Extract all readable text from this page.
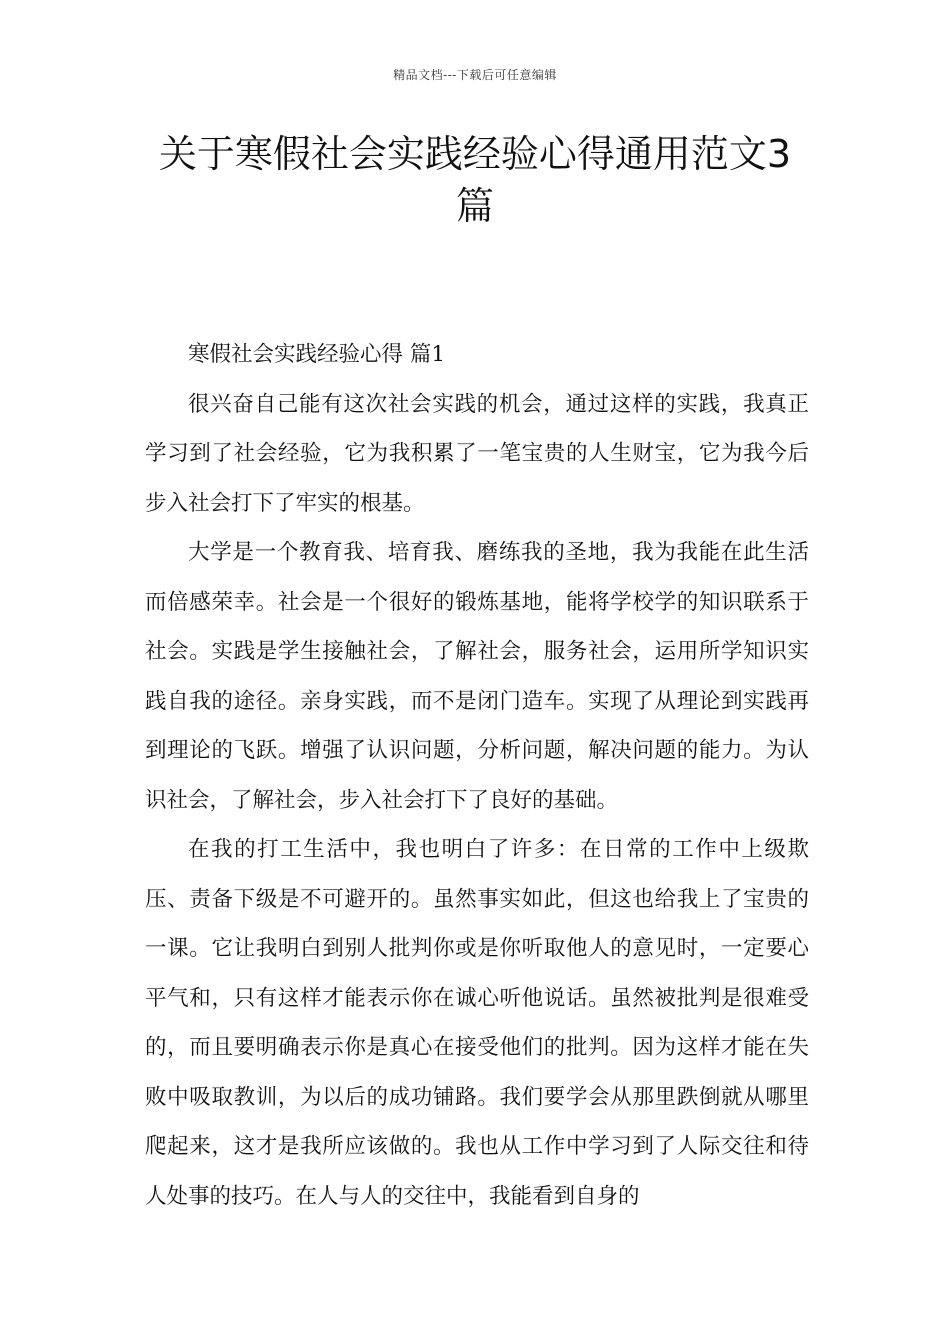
精品文档---下载后可任意编辑
关于寒假社会实践经验心得通用范文3篇

寒假社会实践经验心得 篇1

很兴奋自己能有这次社会实践的机会，通过这样的实践，我真正学习到了社会经验，它为我积累了一笔宝贵的人生财宝，它为我今后步入社会打下了牢实的根基。

大学是一个教育我、培育我、磨练我的圣地，我为我能在此生活而倍感荣幸。社会是一个很好的锻炼基地，能将学校学的知识联系于社会。实践是学生接触社会，了解社会，服务社会，运用所学知识实践自我的途径。亲身实践，而不是闭门造车。实现了从理论到实践再到理论的飞跃。增强了认识问题，分析问题，解决问题的能力。为认识社会，了解社会，步入社会打下了良好的基础。

在我的打工生活中，我也明白了许多：在日常的工作中上级欺压、责备下级是不可避开的。虽然事实如此，但这也给我上了宝贵的一课。它让我明白到别人批判你或是你听取他人的意见时，一定要心平气和，只有这样才能表示你在诚心听他说话。虽然被批判是很难受的，而且要明确表示你是真心在接受他们的批判。因为这样才能在失败中吸取教训，为以后的成功铺路。我们要学会从那里跌倒就从哪里爬起来，这才是我所应该做的。我也从工作中学习到了人际交往和待人处事的技巧。在人与人的交往中，我能看到自身的
